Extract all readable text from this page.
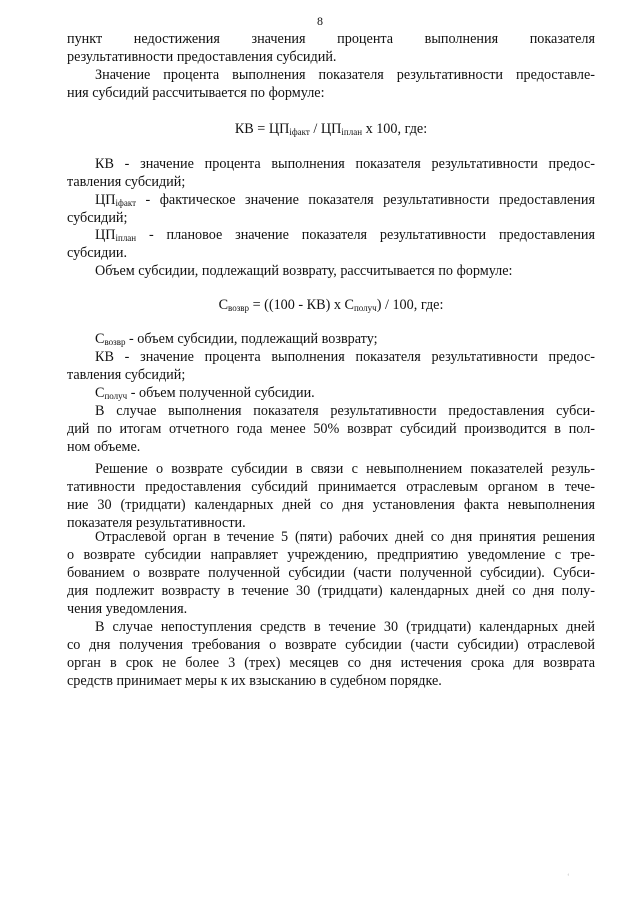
8
пункт недостижения значения процента выполнения показателя
результативности предоставления субсидий.
Значение процента выполнения показателя результативности предоставле-
ния субсидий рассчитывается по формуле:
КВ - значение процента выполнения показателя результативности предос-
тавления субсидий;
субсидий;
субсидии.
Объем субсидии, подлежащий возврату, рассчитывается по формуле:
КВ - значение процента выполнения показателя результативности предос-
тавления субсидий;
В случае выполнения показателя результативности предоставления субси-
дий по итогам отчетного года менее 50% возврат субсидий производится в пол-
ном объеме.
Решение о возврате субсидии в связи с невыполнением показателей резуль-
тативности предоставления субсидий принимается отраслевым органом в тече-
ние 30 (тридцати) календарных дней со дня установления факта невыполнения
показателя результативности.
Отраслевой орган в течение 5 (пяти) рабочих дней со дня принятия решения
о возврате субсидии направляет учреждению, предприятию уведомление с тре-
бованием о возврате полученной субсидии (части полученной субсидии). Субси-
дия подлежит возврасту в течение 30 (тридцати) календарных дней со дня полу-
чения уведомления.
В случае непоступления средств в течение 30 (тридцати) календарных дней
со дня получения требования о возврате субсидии (части субсидии) отраслевой
орган в срок не более 3 (трех) месяцев со дня истечения срока для возврата
средств принимает меры к их взысканию в судебном порядке.
КВ = $ЦП_{iфакт} / ЦП_{iплан}$ х 100, где:
$ЦП_{iфакт}$ - фактическое значение показателя результативности предоставления
$ЦП_{iплан}$ - плановое значение показателя результативности предоставления
$С_{возвр} = ((100 - КВ)$ х $С_{получ}) / 100$, где:
$С_{возвр}$ - объем субсидии, подлежащий возврату;
$С_{получ}$ - объем полученной субсидии.
‘
